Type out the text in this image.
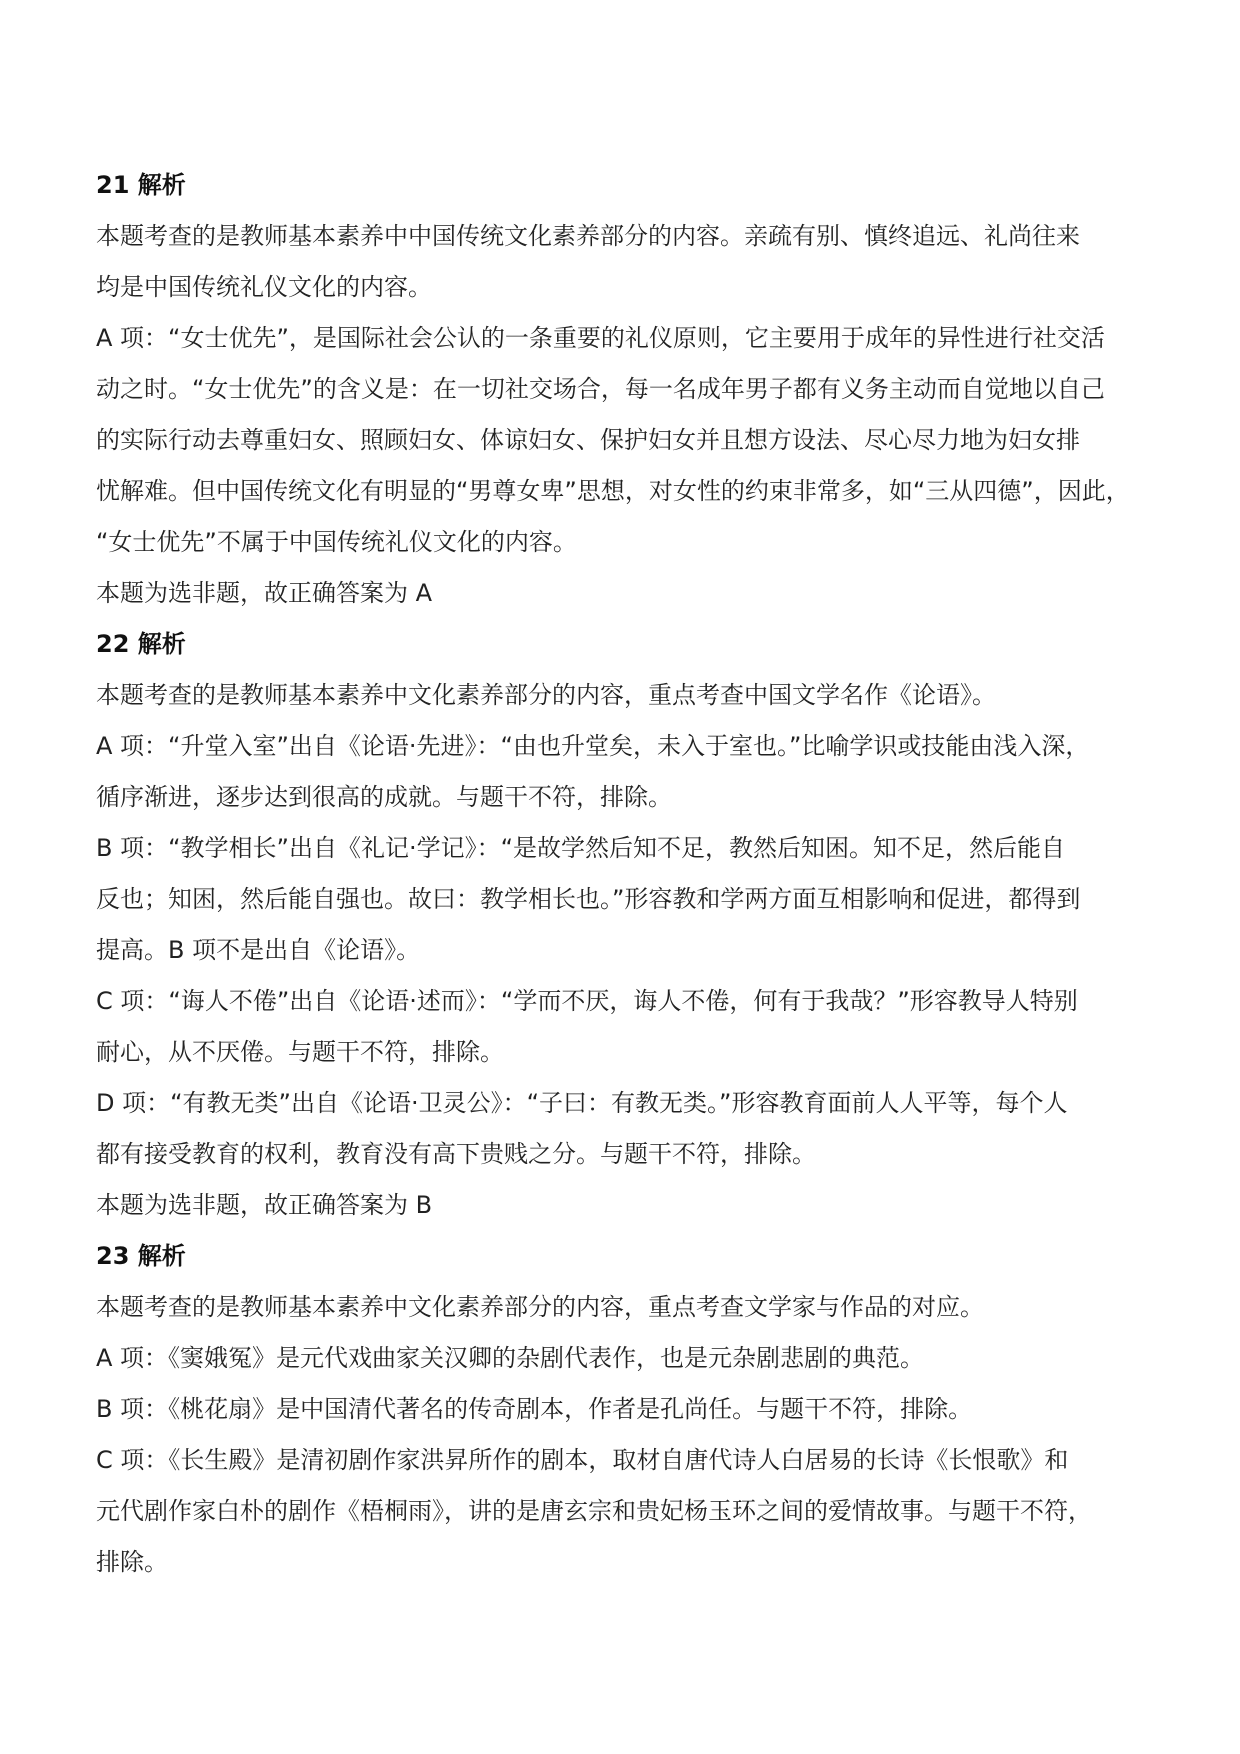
21 解析
本题考查的是教师基本素养中中国传统文化素养部分的内容。亲疏有别、慎终追远、礼尚往来
均是中国传统礼仪文化的内容。
A 项：“女士优先”，是国际社会公认的一条重要的礼仪原则，它主要用于成年的异性进行社交活
动之时。“女士优先”的含义是：在一切社交场合，每一名成年男子都有义务主动而自觉地以自己
的实际行动去尊重妇女、照顾妇女、体谅妇女、保护妇女并且想方设法、尽心尽力地为妇女排
忧解难。但中国传统文化有明显的“男尊女卑”思想，对女性的约束非常多，如“三从四德”，因此，
“女士优先”不属于中国传统礼仪文化的内容。
本题为选非题，故正确答案为 A
22 解析
本题考查的是教师基本素养中文化素养部分的内容，重点考查中国文学名作《论语》。
A 项：“升堂入室”出自《论语·先进》：“由也升堂矣，未入于室也。”比喻学识或技能由浅入深，
循序渐进，逐步达到很高的成就。与题干不符，排除。
B 项：“教学相长”出自《礼记·学记》：“是故学然后知不足，教然后知困。知不足，然后能自
反也；知困，然后能自强也。故曰：教学相长也。”形容教和学两方面互相影响和促进，都得到
提高。B 项不是出自《论语》。
C 项：“诲人不倦”出自《论语·述而》：“学而不厌，诲人不倦，何有于我哉？”形容教导人特别
耐心，从不厌倦。与题干不符，排除。
D 项：“有教无类”出自《论语·卫灵公》：“子曰：有教无类。”形容教育面前人人平等，每个人
都有接受教育的权利，教育没有高下贵贱之分。与题干不符，排除。
本题为选非题，故正确答案为 B
23 解析
本题考查的是教师基本素养中文化素养部分的内容，重点考查文学家与作品的对应。
A 项：《窦娥冤》是元代戏曲家关汉卿的杂剧代表作，也是元杂剧悲剧的典范。
B 项：《桃花扇》是中国清代著名的传奇剧本，作者是孔尚任。与题干不符，排除。
C 项：《长生殿》是清初剧作家洪昇所作的剧本，取材自唐代诗人白居易的长诗《长恨歌》和
元代剧作家白朴的剧作《梧桐雨》，讲的是唐玄宗和贵妃杨玉环之间的爱情故事。与题干不符，
排除。
